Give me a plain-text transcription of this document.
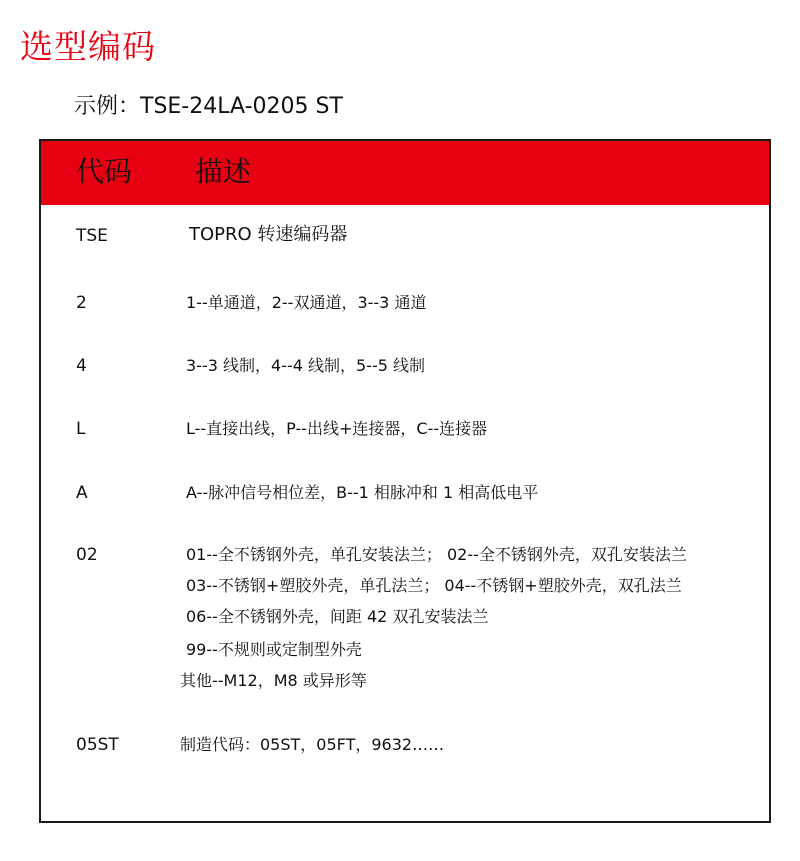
选型编码
示例：TSE-24LA-0205 ST
代码 描述
TSE	TOPRO 转速编码器
2	1--单通道，2--双通道，3--3 通道
4	3--3 线制，4--4 线制，5--5 线制
L	L--直接出线，P--出线+连接器，C--连接器
A	A--脉冲信号相位差，B--1 相脉冲和 1 相高低电平
02	01--全不锈钢外壳，单孔安装法兰； 02--全不锈钢外壳，双孔安装法兰
03--不锈钢+塑胶外壳，单孔法兰； 04--不锈钢+塑胶外壳，双孔法兰
06--全不锈钢外壳，间距 42 双孔安装法兰
99--不规则或定制型外壳
其他--M12，M8 或异形等
05ST	制造代码：05ST，05FT，9632……
